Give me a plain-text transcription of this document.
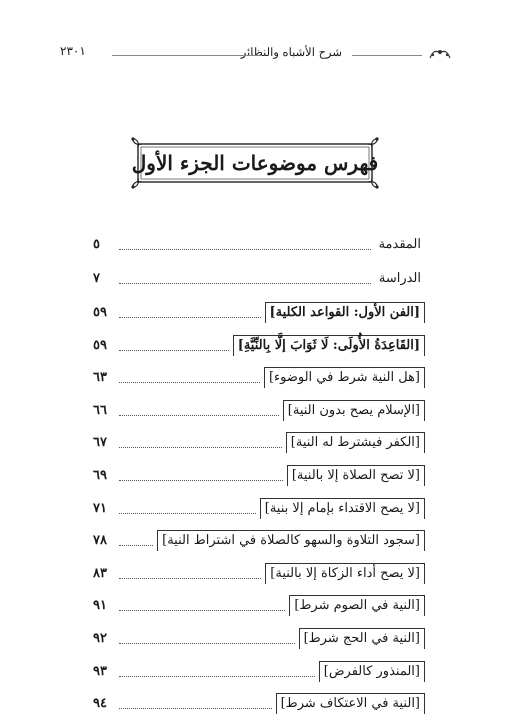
شرح الأشباه والنظائر
٢٣٠١
فهرس موضوعات الجزء الأول
المقدمة
٥
الدراسة
٧
[الفن الأول: القواعد الكلية]
٥٩
[القَاعِدَةُ الأُولَى: لَا ثَوَابَ إلَّا بِالنِّيَّةِ]
٥٩
[هل النية شرط في الوضوء]
٦٣
[الإسلام يصح بدون النية]
٦٦
[الكفر فيشترط له النية]
٦٧
[لا تصح الصلاة إلا بالنية]
٦٩
[لا يصح الاقتداء بإمام إلا بنية]
٧١
[سجود التلاوة والسهو كالصلاة في اشتراط النية]
٧٨
[لا يصح أداء الزكاة إلا بالنية]
٨٣
[النية في الصوم شرط]
٩١
[النية في الحج شرط]
٩٢
[المنذور كالفرض]
٩٣
[النية في الاعتكاف شرط]
٩٤
